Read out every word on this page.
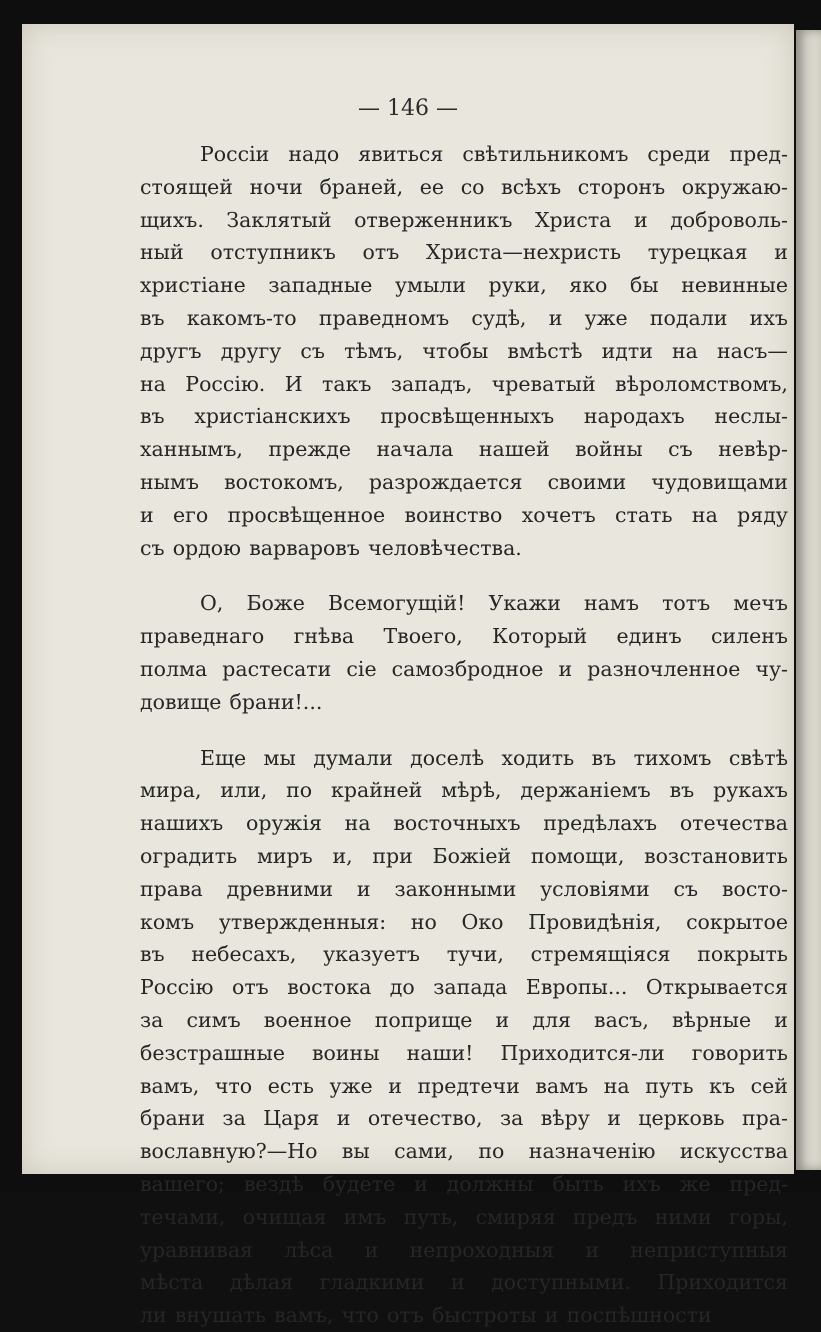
— 146 —

Россіи надо явиться свѣтильникомъ среди пред-
стоящей ночи браней, ее со всѣхъ сторонъ окружаю-
щихъ. Заклятый отверженникъ Христа и доброволь-
ный отступникъ отъ Христа—нехристь турецкая и
христіане западные умыли руки, яко бы невинные
въ какомъ-то праведномъ судѣ, и уже подали ихъ
другъ другу съ тѣмъ, чтобы вмѣстѣ идти на насъ—
на Россію. И такъ западъ, чреватый вѣроломствомъ,
въ христіанскихъ просвѣщенныхъ народахъ неслы-
ханнымъ, прежде начала нашей войны съ невѣр-
нымъ востокомъ, разрождается своими чудовищами
и его просвѣщенное воинство хочетъ стать на ряду
съ ордою варваровъ человѣчества.
О, Боже Всемогущій! Укажи намъ тотъ мечъ
праведнаго гнѣва Твоего, Который единъ силенъ
полма растесати сіе самозбродное и разночленное чу-
довище брани!...
Еще мы думали доселѣ ходить въ тихомъ свѣтѣ
мира, или, по крайней мѣрѣ, держаніемъ въ рукахъ
нашихъ оружія на восточныхъ предѣлахъ отечества
оградить миръ и, при Божіей помощи, возстановить
права древними и законными условіями съ восто-
комъ утвержденныя: но Око Провидѣнія, сокрытое
въ небесахъ, указуетъ тучи, стремящіяся покрыть
Россію отъ востока до запада Европы... Открывается
за симъ военное поприще и для васъ, вѣрные и
безстрашные воины наши! Приходится-ли говорить
вамъ, что есть уже и предтечи вамъ на путь къ сей
брани за Царя и отечество, за вѣру и церковь пра-
вославную?—Но вы сами, по назначенію искусства
вашего; вездѣ будете и должны быть ихъ же пред-
течами, очищая имъ путь, смиряя предъ ними горы,
уравнивая лѣса и непроходныя и неприступныя
мѣста дѣлая гладкими и доступными. Приходится
ли внушать вамъ, что отъ быстроты и поспѣшности
